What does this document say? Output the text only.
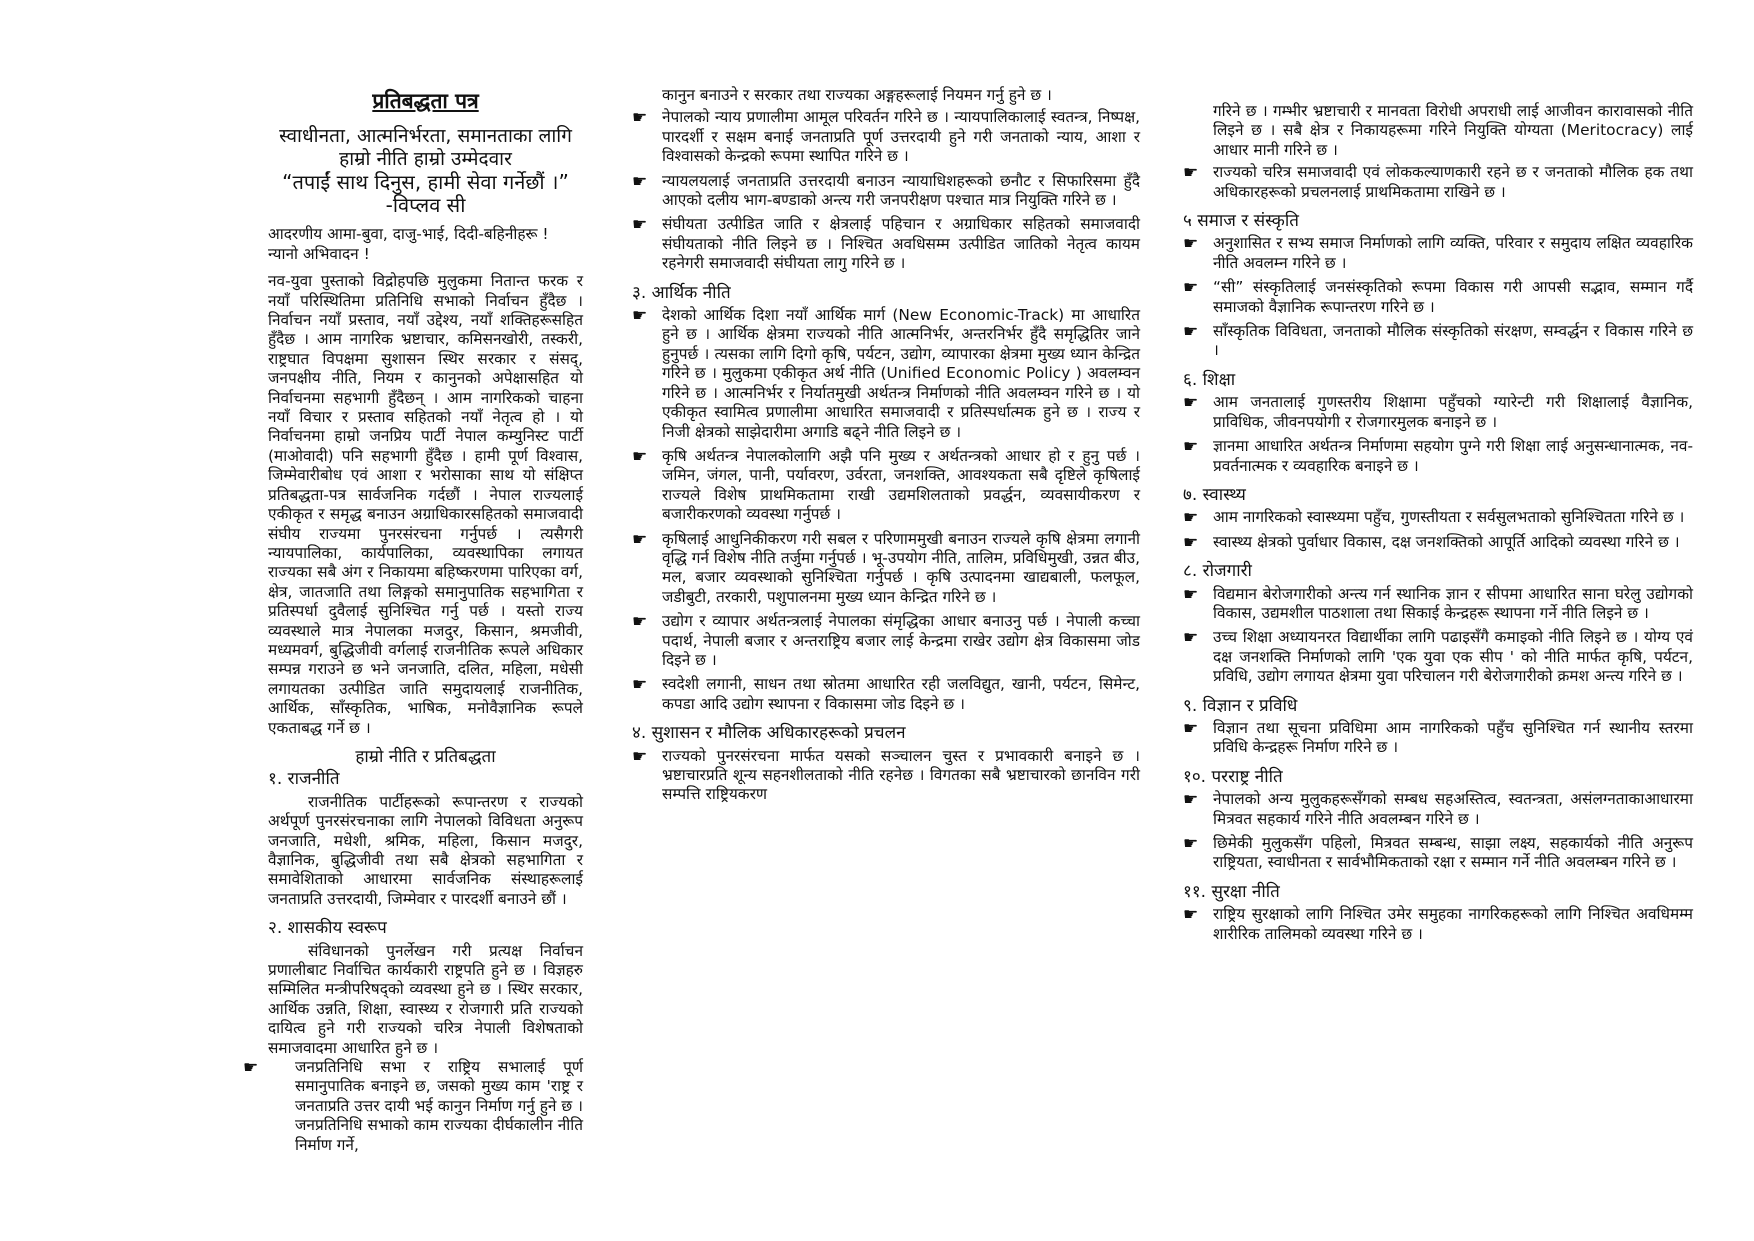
प्रतिबद्धता पत्र
स्वाधीनता, आत्मनिर्भरता, समानताका लागि
हाम्रो नीति हाम्रो उम्मेदवार
“तपाईं साथ दिनुस, हामी सेवा गर्नेछौं ।” -विप्लव सी

आदरणीय आमा-बुवा, दाजु-भाई, दिदी-बहिनीहरू !

न्यानो अभिवादन !

नव-युवा पुस्ताको विद्रोहपछि मुलुकमा नितान्त फरक र नयाँ परिस्थितिमा प्रतिनिधि सभाको निर्वाचन हुँदैछ । निर्वाचन नयाँ प्रस्ताव, नयाँ उद्देश्य, नयाँ शक्तिहरूसहित हुँदैछ । आम नागरिक भ्रष्टाचार, कमिसनखोरी, तस्करी, राष्ट्रघात विपक्षमा सुशासन स्थिर सरकार र संसद्, जनपक्षीय नीति, नियम र कानुनको अपेक्षासहित यो निर्वाचनमा सहभागी हुँदैछन् । आम नागरिकको चाहना नयाँ विचार र प्रस्ताव सहितको नयाँ नेतृत्व हो । यो निर्वाचनमा हाम्रो जनप्रिय पार्टी नेपाल कम्युनिस्ट पार्टी (माओवादी) पनि सहभागी हुँदैछ । हामी पूर्ण विश्वास, जिम्मेवारीबोध एवं आशा र भरोसाका साथ यो संक्षिप्त प्रतिबद्धता-पत्र सार्वजनिक गर्दछौं । नेपाल राज्यलाई एकीकृत र समृद्ध बनाउन अग्राधिकारसहितको समाजवादी संघीय राज्यमा पुनरसंरचना गर्नुपर्छ । त्यसैगरी न्यायपालिका, कार्यपालिका, व्यवस्थापिका लगायत राज्यका सबै अंग र निकायमा बहिष्करणमा पारिएका वर्ग, क्षेत्र, जातजाति तथा लिङ्गको समानुपातिक सहभागिता र प्रतिस्पर्धा दुवैलाई सुनिश्चित गर्नु पर्छ । यस्तो राज्य व्यवस्थाले मात्र नेपालका मजदुर, किसान, श्रमजीवी, मध्यमवर्ग, बुद्धिजीवी वर्गलाई राजनीतिक रूपले अधिकार सम्पन्न गराउने छ भने जनजाति, दलित, महिला, मधेसी लगायतका उत्पीडित जाति समुदायलाई राजनीतिक, आर्थिक, साँस्कृतिक, भाषिक, मनोवैज्ञानिक रूपले एकताबद्ध गर्ने छ ।

हाम्रो नीति र प्रतिबद्धता
१. राजनीति

राजनीतिक पार्टीहरूको रूपान्तरण र राज्यको अर्थपूर्ण पुनरसंरचनाका लागि नेपालको विविधता अनुरूप जनजाति, मधेशी, श्रमिक, महिला, किसान मजदुर, वैज्ञानिक, बुद्धिजीवी तथा सबै क्षेत्रको सहभागिता र समावेशिताको आधारमा सार्वजनिक संस्थाहरूलाई जनताप्रति उत्तरदायी, जिम्मेवार र पारदर्शी बनाउने छौं ।

२. शासकीय स्वरूप

संविधानको पुनर्लेखन गरी प्रत्यक्ष निर्वाचन प्रणालीबाट निर्वाचित कार्यकारी राष्ट्रपति हुने छ । विज्ञहरु सम्मिलित मन्त्रीपरिषद्को व्यवस्था हुने छ । स्थिर सरकार, आर्थिक उन्नति, शिक्षा, स्वास्थ्य र रोजगारी प्रति राज्यको दायित्व हुने गरी राज्यको चरित्र नेपाली विशेषताको समाजवादमा आधारित हुने छ ।

☛ जनप्रतिनिधि सभा र राष्ट्रिय सभालाई पूर्ण समानुपातिक बनाइने छ, जसको मुख्य काम 'राष्ट्र र जनताप्रति उत्तर दायी भई कानुन निर्माण गर्नु हुने छ । जनप्रतिनिधि सभाको काम राज्यका दीर्घकालीन नीति निर्माण गर्ने,

कानुन बनाउने र सरकार तथा राज्यका अङ्गहरूलाई नियमन गर्नु हुने छ ।

☛ नेपालको न्याय प्रणालीमा आमूल परिवर्तन गरिने छ । न्यायपालिकालाई स्वतन्त्र, निष्पक्ष, पारदर्शी र सक्षम बनाई जनताप्रति पूर्ण उत्तरदायी हुने गरी जनताको न्याय, आशा र विश्वासको केन्द्रको रूपमा स्थापित गरिने छ ।
☛ न्यायलयलाई जनताप्रति उत्तरदायी बनाउन न्यायाधिशहरूको छनौट र सिफारिसमा हुँदै आएको दलीय भाग-बण्डाको अन्त्य गरी जनपरीक्षण पश्चात मात्र नियुक्ति गरिने छ ।
☛ संघीयता उत्पीडित जाति र क्षेत्रलाई पहिचान र अग्राधिकार सहितको समाजवादी संघीयताको नीति लिइने छ । निश्चित अवधिसम्म उत्पीडित जातिको नेतृत्व कायम रहनेगरी समाजवादी संघीयता लागु गरिने छ ।
३. आर्थिक नीति
☛ देशको आर्थिक दिशा नयाँ आर्थिक मार्ग (New Economic-Track) मा आधारित हुने छ । आर्थिक क्षेत्रमा राज्यको नीति आत्मनिर्भर, अन्तरनिर्भर हुँदै समृद्धितिर जाने हुनुपर्छ । त्यसका लागि दिगो कृषि, पर्यटन, उद्योग, व्यापारका क्षेत्रमा मुख्य ध्यान केन्द्रित गरिने छ । मुलुकमा एकीकृत अर्थ नीति (Unified Economic Policy ) अवलम्वन गरिने छ । आत्मनिर्भर र निर्यातमुखी अर्थतन्त्र निर्माणको नीति अवलम्वन गरिने छ । यो एकीकृत स्वामित्व प्रणालीमा आधारित समाजवादी र प्रतिस्पर्धात्मक हुने छ । राज्य र निजी क्षेत्रको साझेदारीमा अगाडि बढ्ने नीति लिइने छ ।
☛ कृषि अर्थतन्त्र नेपालकोलागि अझै पनि मुख्य र अर्थतन्त्रको आधार हो र हुनु पर्छ । जमिन, जंगल, पानी, पर्यावरण, उर्वरता, जनशक्ति, आवश्यकता सबै दृष्टिले कृषिलाई राज्यले विशेष प्राथमिकतामा राखी उद्यमशिलताको प्रवर्द्धन, व्यवसायीकरण र बजारीकरणको व्यवस्था गर्नुपर्छ ।
☛ कृषिलाई आधुनिकीकरण गरी सबल र परिणाममुखी बनाउन राज्यले कृषि क्षेत्रमा लगानी वृद्धि गर्न विशेष नीति तर्जुमा गर्नुपर्छ । भू-उपयोग नीति, तालिम, प्रविधिमुखी, उन्नत बीउ, मल, बजार व्यवस्थाको सुनिश्चिता गर्नुपर्छ । कृषि उत्पादनमा खाद्यबाली, फलफूल, जडीबुटी, तरकारी, पशुपालनमा मुख्य ध्यान केन्द्रित गरिने छ ।
☛ उद्योग र व्यापार अर्थतन्त्रलाई नेपालका संमृद्धिका आधार बनाउनु पर्छ । नेपाली कच्चा पदार्थ, नेपाली बजार र अन्तराष्ट्रिय बजार लाई केन्द्रमा राखेर उद्योग क्षेत्र विकासमा जोड दिइने छ ।
☛ स्वदेशी लगानी, साधन तथा स्रोतमा आधारित रही जलविद्युत, खानी, पर्यटन, सिमेन्ट, कपडा आदि उद्योग स्थापना र विकासमा जोड दिइने छ ।
४. सुशासन र मौलिक अधिकारहरूको प्रचलन
☛ राज्यको पुनरसंरचना मार्फत यसको सञ्चालन चुस्त र प्रभावकारी बनाइने छ । भ्रष्टाचारप्रति शून्य सहनशीलताको नीति रहनेछ । विगतका सबै भ्रष्टाचारको छानविन गरी सम्पत्ति राष्ट्रियकरण

गरिने छ । गम्भीर भ्रष्टाचारी र मानवता विरोधी अपराधी लाई आजीवन कारावासको नीति लिइने छ । सबै क्षेत्र र निकायहरूमा गरिने नियुक्ति योग्यता (Meritocracy) लाई आधार मानी गरिने छ ।

☛ राज्यको चरित्र समाजवादी एवं लोककल्याणकारी रहने छ र जनताको मौलिक हक तथा अधिकारहरूको प्रचलनलाई प्राथमिकतामा राखिने छ ।
५ समाज र संस्कृति
☛ अनुशासित र सभ्य समाज निर्माणको लागि व्यक्ति, परिवार र समुदाय लक्षित व्यवहारिक नीति अवलम्न गरिने छ ।
☛ “सी” संस्कृतिलाई जनसंस्कृतिको रूपमा विकास गरी आपसी सद्भाव, सम्मान गर्दै समाजको वैज्ञानिक रूपान्तरण गरिने छ ।
☛ साँस्कृतिक विविधता, जनताको मौलिक संस्कृतिको संरक्षण, सम्वर्द्धन र विकास गरिने छ ।
६. शिक्षा
☛ आम जनतालाई गुणस्तरीय शिक्षामा पहुँचको ग्यारेन्टी गरी शिक्षालाई वैज्ञानिक, प्राविधिक, जीवनपयोगी र रोजगारमुलक बनाइने छ ।
☛ ज्ञानमा आधारित अर्थतन्त्र निर्माणमा सहयोग पुग्ने गरी शिक्षा लाई अनुसन्धानात्मक, नव-प्रवर्तनात्मक र व्यवहारिक बनाइने छ ।
७. स्वास्थ्य
☛ आम नागरिकको स्वास्थ्यमा पहुँच, गुणस्तीयता र सर्वसुलभताको सुनिश्चितता गरिने छ ।
☛ स्वास्थ्य क्षेत्रको पुर्वाधार विकास, दक्ष जनशक्तिको आपूर्ति आदिको व्यवस्था गरिने छ ।
८. रोजगारी
☛ विद्यमान बेरोजगारीको अन्त्य गर्न स्थानिक ज्ञान र सीपमा आधारित साना घरेलु उद्योगको विकास, उद्यमशील पाठशाला तथा सिकाई केन्द्रहरू स्थापना गर्ने नीति लिइने छ ।
☛ उच्च शिक्षा अध्यायनरत विद्यार्थीका लागि पढाइसँगै कमाइको नीति लिइने छ । योग्य एवं दक्ष जनशक्ति निर्माणको लागि 'एक युवा एक सीप ' को नीति मार्फत कृषि, पर्यटन, प्रविधि, उद्योग लगायत क्षेत्रमा युवा परिचालन गरी बेरोजगारीको क्रमश अन्त्य गरिने छ ।
९. विज्ञान र प्रविधि
☛ विज्ञान तथा सूचना प्रविधिमा आम नागरिकको पहुँच सुनिश्चित गर्न स्थानीय स्तरमा प्रविधि केन्द्रहरू निर्माण गरिने छ ।
१०. परराष्ट्र नीति
☛ नेपालको अन्य मुलुकहरूसँगको सम्बध सहअस्तित्व, स्वतन्त्रता, असंलग्नताकाआधारमा मित्रवत सहकार्य गरिने नीति अवलम्बन गरिने छ ।
☛ छिमेकी मुलुकसँग पहिलो, मित्रवत सम्बन्ध, साझा लक्ष्य, सहकार्यको नीति अनुरूप राष्ट्रियता, स्वाधीनता र सार्वभौमिकताको रक्षा र सम्मान गर्ने नीति अवलम्बन गरिने छ ।
११. सुरक्षा नीति
☛ राष्ट्रिय सुरक्षाको लागि निश्चित उमेर समुहका नागरिकहरूको लागि निश्चित अवधिमम्म शारीरिक तालिमको व्यवस्था गरिने छ ।
